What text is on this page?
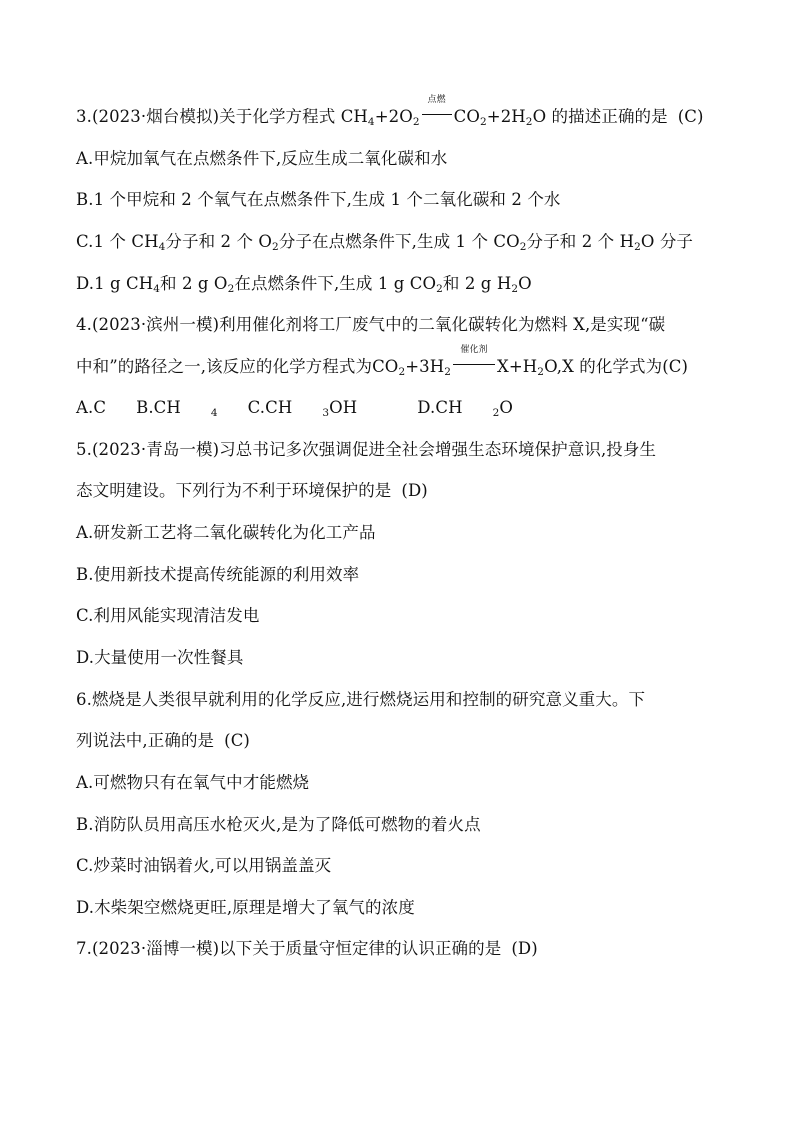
3.(2023·烟台模拟)关于化学方程式 $CH_4+2O_2$
点燃
$CO_2+2H_2O$ 的描述正确的是 (C)
A.甲烷加氧气在点燃条件下,反应生成二氧化碳和水
B.1 个甲烷和 2 个氧气在点燃条件下,生成 1 个二氧化碳和 2 个水
C.1 个 $CH_4$分子和 2 个 $O_2$分子在点燃条件下,生成 1 个 $CO_2$分子和 2 个 $H_2O$ 分子
D.1 g $CH_4$和 2 g $O_2$在点燃条件下,生成 1 g $CO_2$和 2 g $H_2O$
4.(2023·滨州一模)利用催化剂将工厂废气中的二氧化碳转化为燃料 X,是实现“碳
中和”的路径之一,该反应的化学方程式为$CO_2+3H_2$
催化剂
$X+H_2O,X$ 的化学式为(C)
A.C B.CH	$_4$ C.CH	$_3$OH	D.CH	$_2$O
5.(2023·青岛一模)习总书记多次强调促进全社会增强生态环境保护意识,投身生
态文明建设。下列行为不利于环境保护的是 (D)
A.研发新工艺将二氧化碳转化为化工产品
B.使用新技术提高传统能源的利用效率
C.利用风能实现清洁发电
D.大量使用一次性餐具
6.燃烧是人类很早就利用的化学反应,进行燃烧运用和控制的研究意义重大。下
列说法中,正确的是 (C)
A.可燃物只有在氧气中才能燃烧
B.消防队员用高压水枪灭火,是为了降低可燃物的着火点
C.炒菜时油锅着火,可以用锅盖盖灭
D.木柴架空燃烧更旺,原理是增大了氧气的浓度
7.(2023·淄博一模)以下关于质量守恒定律的认识正确的是 (D)
